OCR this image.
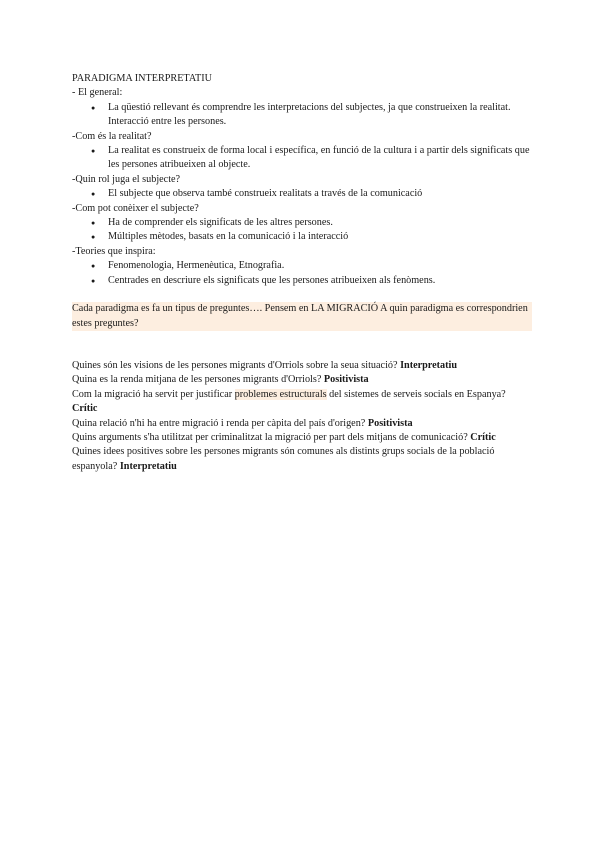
PARADIGMA INTERPRETATIU

- El general:

● La qüestió rellevant és comprendre les interpretacions del subjectes, ja que construeixen la realitat. Interacció entre les persones.

-Com és la realitat?

● La realitat es construeix de forma local i específica, en funció de la cultura i a partir dels significats que les persones atribueixen al objecte.

-Quin rol juga el subjecte?

● El subjecte que observa també construeix realitats a través de la comunicació

-Com pot conèixer el subjecte?

● Ha de comprender els significats de les altres persones.
● Múltiples mètodes, basats en la comunicació i la interacció

-Teories que inspira:

● Fenomenologia, Hermenèutica, Etnografia.
● Centrades en descriure els significats que les persones atribueixen als fenòmens.

Cada paradigma es fa un tipus de preguntes…. Pensem en LA MIGRACIÓ A quin paradigma es correspondrien estes preguntes?

Quines són les visions de les persones migrants d'Orriols sobre la seua situació? Interpretatiu

Quina es la renda mitjana de les persones migrants d'Orriols? Positivista

Com la migració ha servit per justificar problemes estructurals del sistemes de serveis socials en Espanya? Crític

Quina relació n'hi ha entre migració i renda per càpita del país d'origen? Positivista

Quins arguments s'ha utilitzat per criminalitzat la migració per part dels mitjans de comunicació? Crític

Quines idees positives sobre les persones migrants són comunes als distints grups socials de la població espanyola? Interpretatiu
